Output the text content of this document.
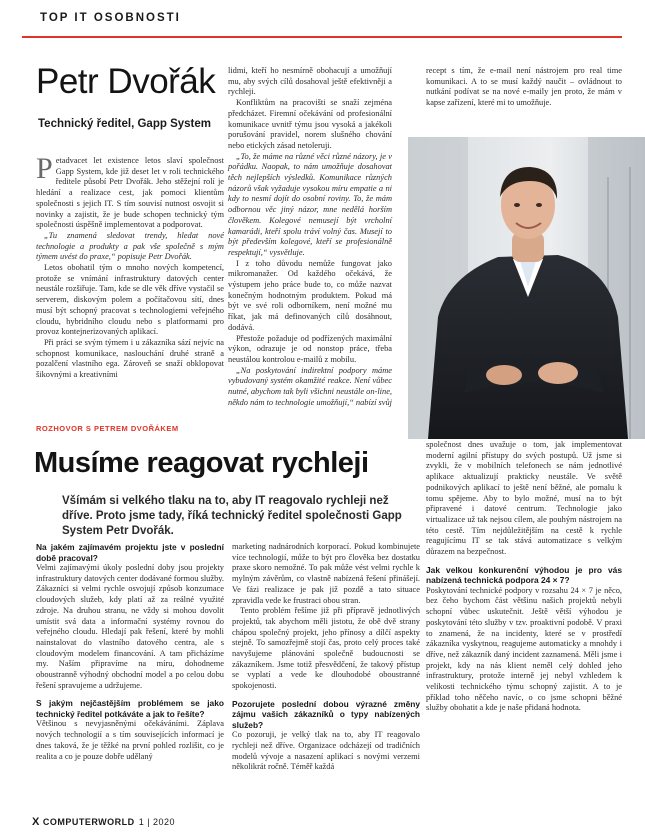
TOP IT OSOBNOSTI
Petr Dvořák
Technický ředitel, Gapp System

Petadvacet let existence letos slaví společnost Gapp System, kde již deset let v roli technického ředitele působí Petr Dvořák. Jeho stěžejní rolí je hledání a realizace cest, jak pomoci klientům společnosti s jejich IT. S tím souvisí nutnost osvojit si novinky a zajistit, že je bude schopen technický tým společnosti úspěšně implementovat a podporovat.

„Tu znamená sledovat trendy, hledat nové technologie a produkty a pak vše společně s mým týmem uvést do praxe,“ popisuje Petr Dvořák.

Letos obohatil tým o mnoho nových kompetencí, protože se vnímání infrastruktury datových center neustále rozšiřuje. Tam, kde se dle věk dříve vystačil se serverem, diskovým polem a počítačovou sítí, dnes musí být schopný pracovat s technologiemi veřejného cloudu, hybridního cloudu nebo s platformami pro provoz kontejnerizovaných aplikací.

Při práci se svým týmem i u zákazníka sází nejvíc na schopnost komunikace, naslouchání druhé straně a pozalčení vlastního ega. Zároveň se snaží obklopovat šikovnými a kreativními

lidmi, kteří ho nesmírně obohacují a umožňují mu, aby svých cílů dosahoval ještě efektivněji a rychleji.

Konfliktům na pracovišti se snaží zejména předcházet. Firemní očekávání od profesionální komunikace uvnitř týmu jsou vysoká a jakékoli porušování pravidel, norem slušného chování nebo etických zásad netoleruji.

„To, že máme na různé věci různé názory, je v pořádku. Naopak, to nám umožňuje dosahovat těch nejlepších výsledků. Komunikace různých názorů však vyžaduje vysokou míru empatie a ni kdy to nesmí dojít do osobní roviny. To, že mám odbornou věc jiný názor, mne nedělá horším člověkem. Kolegové nemusejí být vrcholní kamarádi, kteří spolu tráví volný čas. Musejí to být především kolegové, kteří se profesionálně respektují,“ vysvětluje.

I z toho důvodu nemůže fungovat jako mikromanažer. Od každého očekává, že výstupem jeho práce bude to, co může nazvat konečným hodnotným produktem. Pokud má být ve své roli odborníkem, není možné mu říkat, jak má definovaných cílů dosáhnout, dodává.

Přestože požaduje od podřízených maximální výkon, odrazuje je od nonstop práce, třeba neustálou kontrolou e-mailů z mobilu.

„Na poskytování indirektní podpory máme vybudovaný systém okamžité reakce. Není vůbec nutné, abychom tak byli všichni neustále on-line, někdo nám to technologie umožňují,“ nabízí svůj

recept s tím, že e-mail není nástrojem pro real time komunikaci. A to se musí každý naučit – ovládnout to nutkání podívat se na nové e-maily jen proto, že mám v kapse zařízení, které mi to umožňuje.

ROZHOVOR S PETREM DVOŘÁKEM
Musíme reagovat rychleji
Všímám si velkého tlaku na to, aby IT reagovalo rychleji než dříve. Proto jsme tady, říká technický ředitel společnosti Gapp System Petr Dvořák.

Na jakém zajímavém projektu jste v poslední době pracoval?

Velmi zajímavými úkoly poslední doby jsou projekty infrastruktury datových center dodávané formou služby. Zákazníci si velmi rychle osvojují způsob konzumace cloudových služeb, kdy platí až za reálné využité zdroje. Na druhou stranu, ne vždy si mohou dovolit umístit svá data a informační systémy rovnou do veřejného cloudu. Hledají pak řešení, které by mohli nainstalovat do vlastního datového centra, ale s cloudovým modelem financování. A tam přicházíme my. Naším připravíme na míru, dohodneme oboustranně výhodný obchodní model a po celou dobu řešení spravujeme a udržujeme.

S jakým nejčastějším problémem se jako technický ředitel potkáváte a jak to řešíte?

Většinou s nevyjasněnými očekáváními. Záplava nových technologií a s tím souvisejících informací je dnes taková, že je těžké na první pohled rozlišit, co je realita a co je pouze dobře udělaný

marketing nadnárodních korporací. Pokud kombinujete více technologií, může to být pro člověka bez dostatku praxe skoro nemožné. To pak může vést velmi rychle k mylným závěrům, co vlastně nabízená řešení přinášejí. Ve fázi realizace je pak již pozdě a tato situace zpravidla vede ke frustraci obou stran.

Tento problém řešíme již při přípravě jednotlivých projektů, tak abychom měli jistotu, že obě dvě strany chápou společný projekt, jeho přínosy a dílčí aspekty stejně. To samozřejmě stojí čas, proto celý proces také navyšujeme plánování společně budoucnosti se zákazníkem. Jsme totiž přesvědčení, že takový přístup se vyplatí a vede ke dlouhodobé oboustranné spokojenosti.

Pozorujete poslední dobou výrazné změny zájmu vašich zákazníků o typy nabízených služeb?

Co pozoruji, je velký tlak na to, aby IT reagovalo rychleji než dříve. Organizace odcházejí od tradičních modelů vývoje a nasazení aplikací s novými verzemi několikrát ročně. Téměř každá

společnost dnes uvažuje o tom, jak implementovat moderní agilní přístupy do svých postupů. Už jsme si zvykli, že v mobilních telefonech se nám jednotlivé aplikace aktualizují prakticky neustále. Ve světě podnikových aplikací to ještě není běžné, ale pomalu k tomu spějeme. Aby to bylo možné, musí na to být připravené i datové centrum. Technologie jako virtualizace už tak nejsou cílem, ale pouhým nástrojem na této cestě. Tím nejdůležitějším na cestě k rychle reagujícímu IT se tak stává automatizace s velkým důrazem na bezpečnost.

Jak velkou konkurenční výhodou je pro vás nabízená technická podpora 24 × 7?

Poskytování technické podpory v rozsahu 24 × 7 je něco, bez čeho bychom část většinu našich projektů nebyli schopní vůbec uskutečnit. Ještě větší výhodou je poskytování této služby v tzv. proaktivní podobě. V praxi to znamená, že na incidenty, které se v prostředí zákazníka vyskytnou, reagujeme automaticky a mnohdy i dříve, než zákazník daný incident zaznamená. Měli jsme i projekt, kdy na nás klient neměl celý dohled jeho infrastruktury, protože interně jej nebyl vzhledem k velikosti technického týmu schopný zajistit. A to je příklad toho něčeho navíc, o co jsme schopni běžné služby obohatit a kde je naše přidaná hodnota.

X COMPUTERWORLD 1 | 2020
